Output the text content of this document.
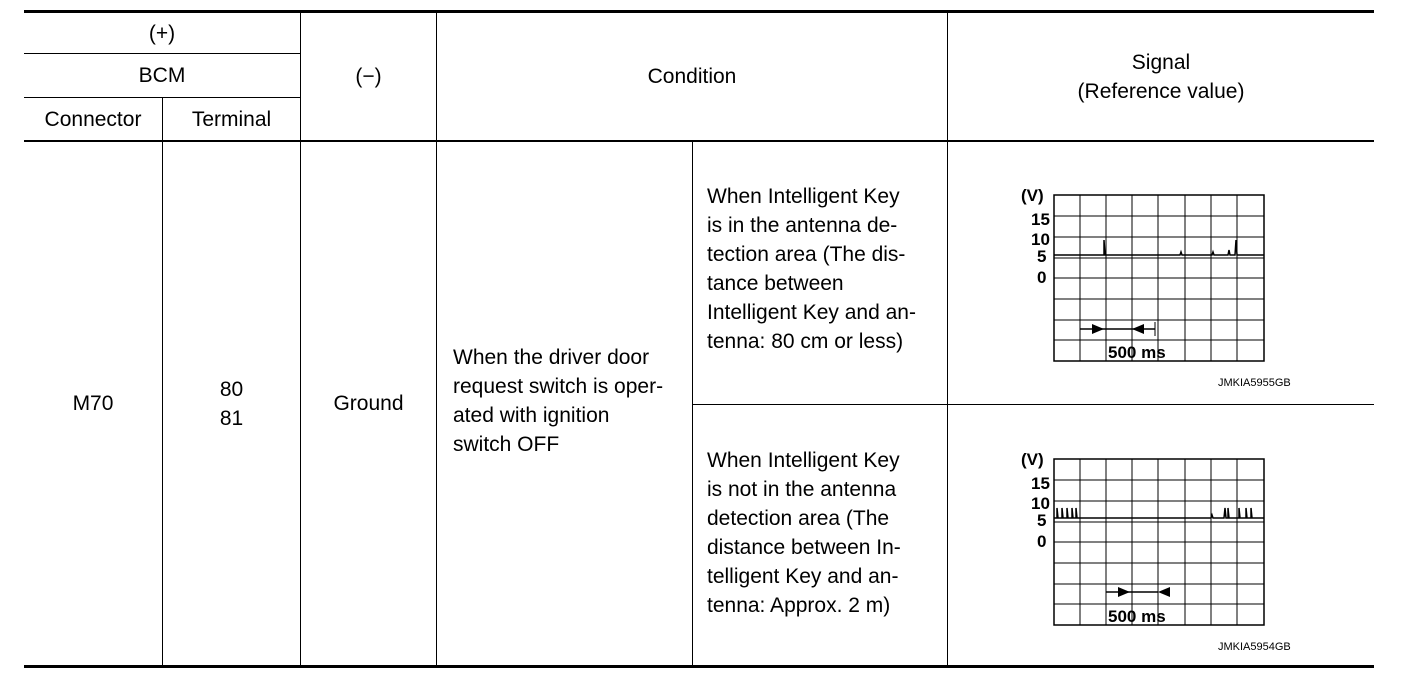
(+)
BCM
Connector	Terminal
(−)	Condition
Signal
(Reference value)
M70
80
81
Ground
When the driver door
request switch is oper-
ated with ignition
switch OFF
When Intelligent Key
is in the antenna de-
tection area (The dis-
tance between
Intelligent Key and an-
tenna: 80 cm or less)
When Intelligent Key
is not in the antenna
detection area (The
distance between In-
telligent Key and an-
tenna: Approx. 2 m)
(V)
15
10
5
0
500 ms
JMKIA5955GB
(V)
15
10
5
0
500 ms
JMKIA5954GB
